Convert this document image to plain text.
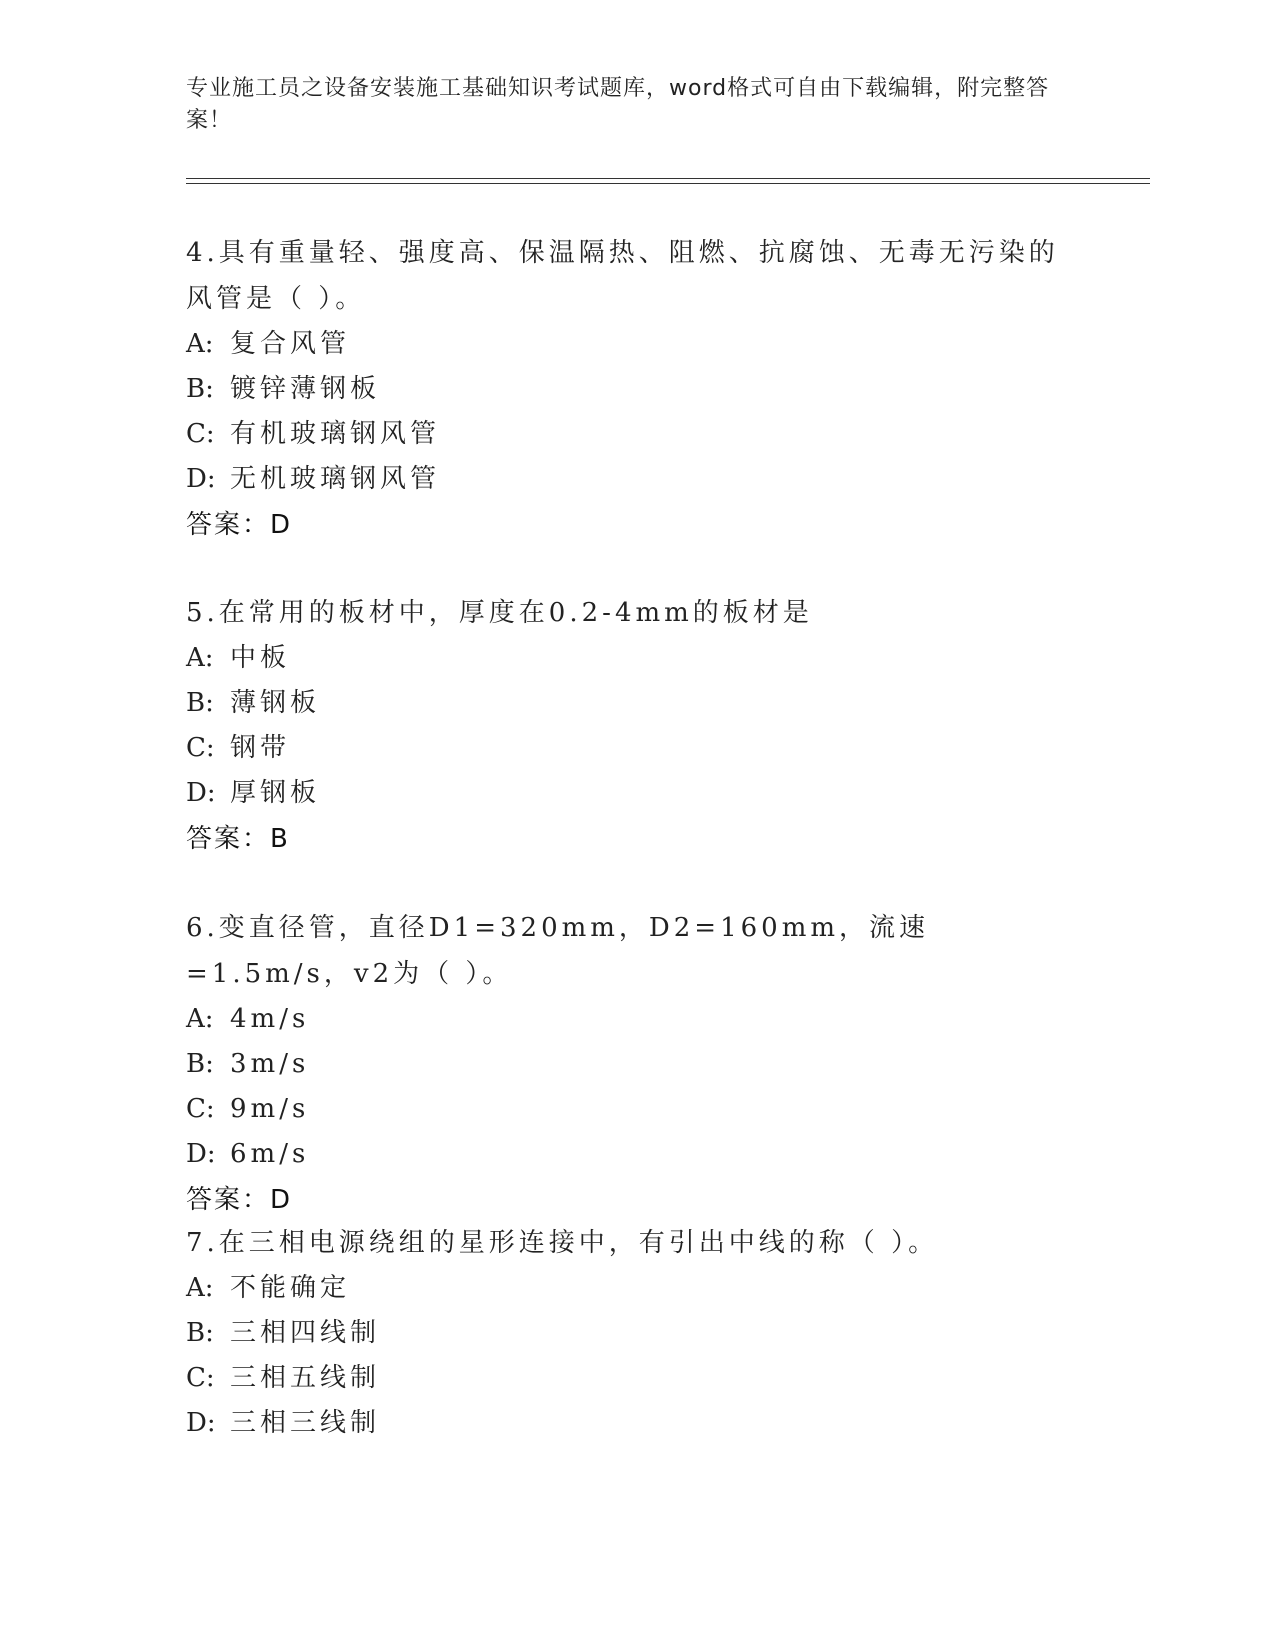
专业施工员之设备安装施工基础知识考试题库，word格式可自由下载编辑，附完整答案！
4.具有重量轻、强度高、保温隔热、阻燃、抗腐蚀、无毒无污染的风管是（ ）。
A: 复合风管
B: 镀锌薄钢板
C: 有机玻璃钢风管
D: 无机玻璃钢风管
答案：D
5.在常用的板材中，厚度在0.2-4mm的板材是
A: 中板
B: 薄钢板
C: 钢带
D: 厚钢板
答案：B
6.变直径管，直径D1=320mm，D2=160mm，流速=1.5m/s，v2为（ ）。
A: 4m/s
B: 3m/s
C: 9m/s
D: 6m/s
答案：D
7.在三相电源绕组的星形连接中，有引出中线的称（ ）。
A: 不能确定
B: 三相四线制
C: 三相五线制
D: 三相三线制
